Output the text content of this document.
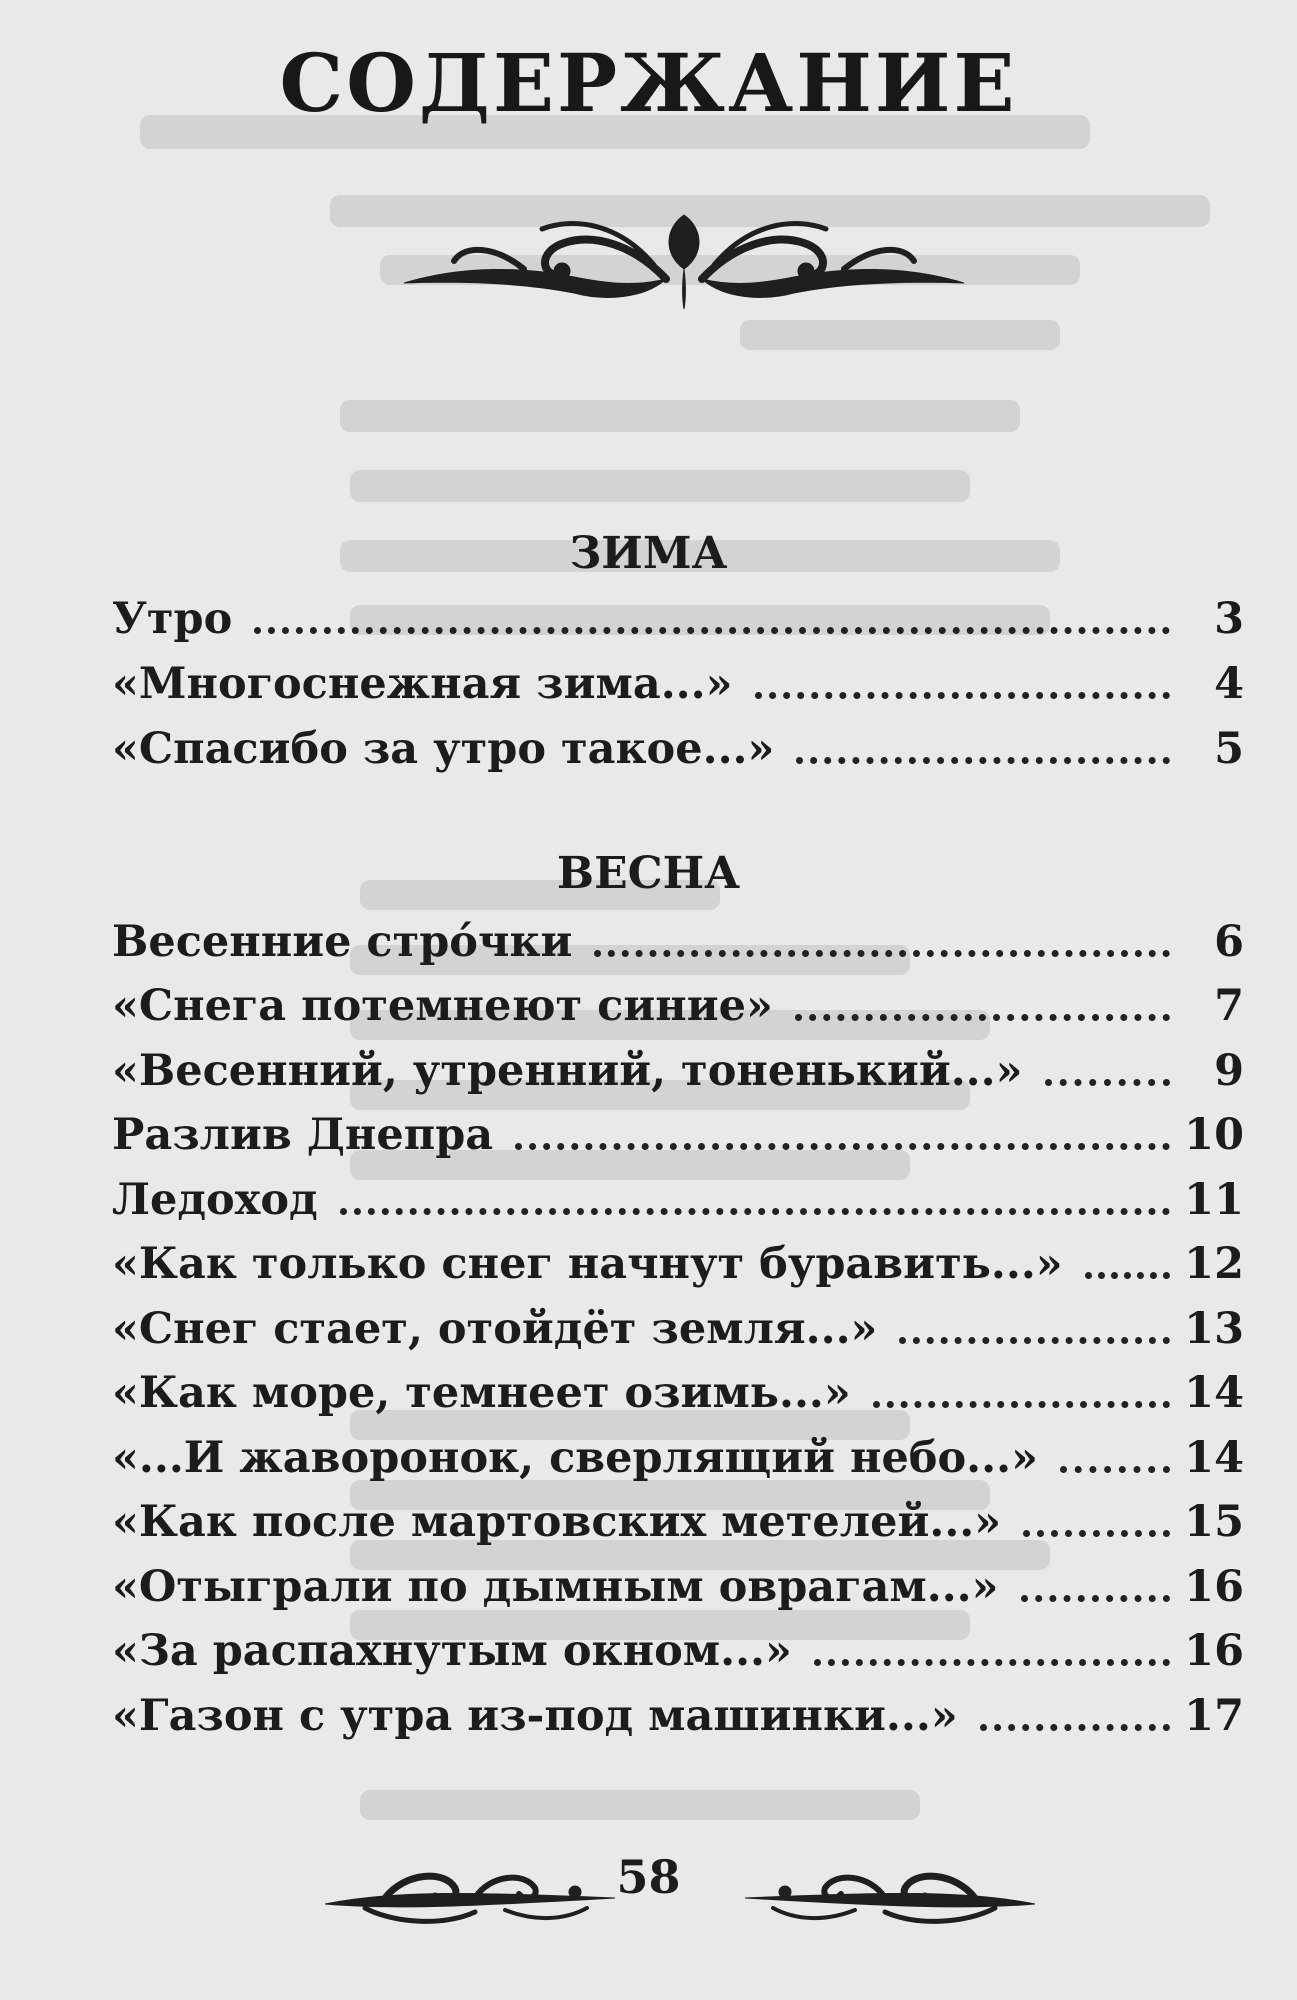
СОДЕРЖАНИЕ
ЗИМА
Утро	3
«Многоснежная зима...»	4
«Спасибо за утро такое...»	5
ВЕСНА
Весенние стро́чки	6
«Снега потемнеют синие»	7
«Весенний, утренний, тоненький...»	9
Разлив Днепра	10
Ледоход	11
«Как только снег начнут буравить...»	12
«Снег стает, отойдёт земля...»	13
«Как море, темнеет озимь...»	14
«...И жаворонок, сверлящий небо...»	14
«Как после мартовских метелей...»	15
«Отыграли по дымным оврагам...»	16
«За распахнутым окном...»	16
«Газон с утра из-под машинки...»	17
58
